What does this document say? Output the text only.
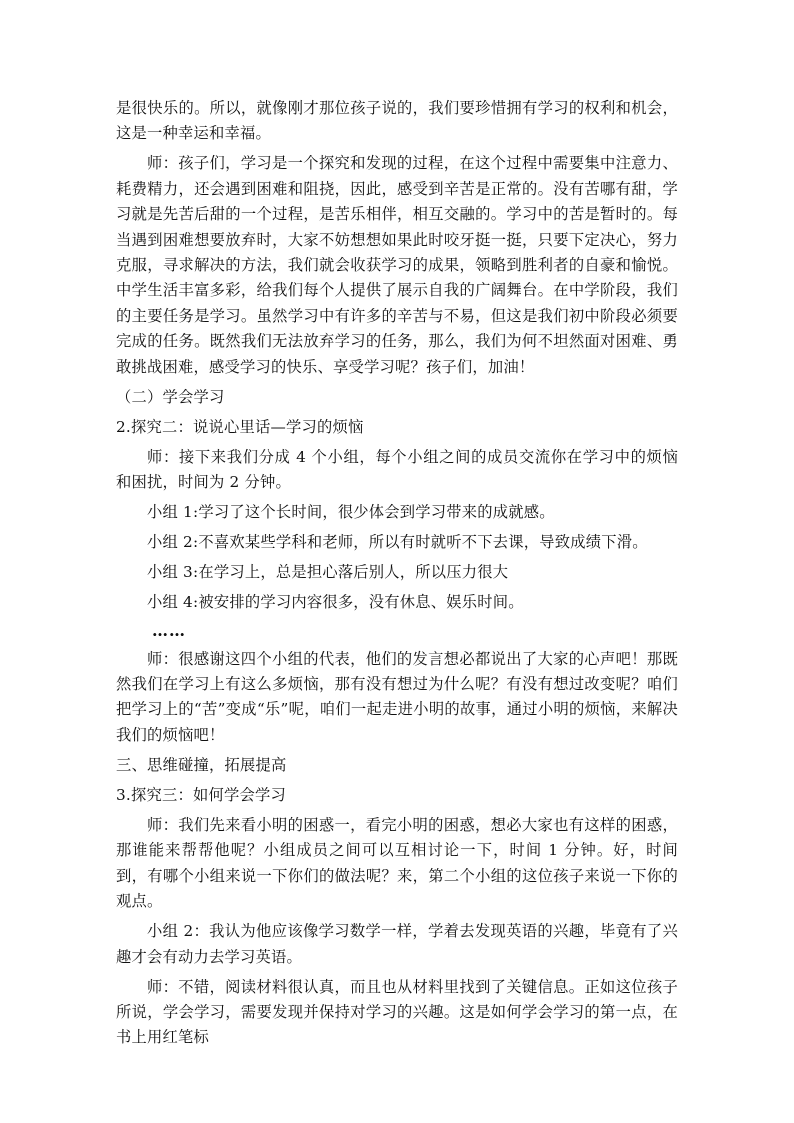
是很快乐的。所以，就像刚才那位孩子说的，我们要珍惜拥有学习的权利和机会，这是一种幸运和幸福。

师：孩子们，学习是一个探究和发现的过程，在这个过程中需要集中注意力、耗费精力，还会遇到困难和阻挠，因此，感受到辛苦是正常的。没有苦哪有甜，学习就是先苦后甜的一个过程，是苦乐相伴，相互交融的。学习中的苦是暂时的。每当遇到困难想要放弃时，大家不妨想想如果此时咬牙挺一挺，只要下定决心，努力克服，寻求解决的方法，我们就会收获学习的成果，领略到胜利者的自豪和愉悦。中学生活丰富多彩，给我们每个人提供了展示自我的广阔舞台。在中学阶段，我们的主要任务是学习。虽然学习中有许多的辛苦与不易，但这是我们初中阶段必须要完成的任务。既然我们无法放弃学习的任务，那么，我们为何不坦然面对困难、勇敢挑战困难，感受学习的快乐、享受学习呢？孩子们，加油！

（二）学会学习

2.探究二：说说心里话—学习的烦恼

师：接下来我们分成 4 个小组，每个小组之间的成员交流你在学习中的烦恼和困扰，时间为 2 分钟。

小组 1:学习了这个长时间，很少体会到学习带来的成就感。

小组 2:不喜欢某些学科和老师，所以有时就听不下去课，导致成绩下滑。

小组 3:在学习上，总是担心落后别人，所以压力很大

小组 4:被安排的学习内容很多，没有休息、娱乐时间。

……

师：很感谢这四个小组的代表，他们的发言想必都说出了大家的心声吧！那既然我们在学习上有这么多烦恼，那有没有想过为什么呢？有没有想过改变呢？咱们把学习上的“苦”变成“乐”呢，咱们一起走进小明的故事，通过小明的烦恼，来解决我们的烦恼吧！

三、思维碰撞，拓展提高

3.探究三：如何学会学习

师：我们先来看小明的困惑一，看完小明的困惑，想必大家也有这样的困惑，那谁能来帮帮他呢？小组成员之间可以互相讨论一下，时间 1 分钟。好，时间到，有哪个小组来说一下你们的做法呢？来，第二个小组的这位孩子来说一下你的观点。

小组 2：我认为他应该像学习数学一样，学着去发现英语的兴趣，毕竟有了兴趣才会有动力去学习英语。

师：不错，阅读材料很认真，而且也从材料里找到了关键信息。正如这位孩子所说，学会学习，需要发现并保持对学习的兴趣。这是如何学会学习的第一点，在书上用红笔标
